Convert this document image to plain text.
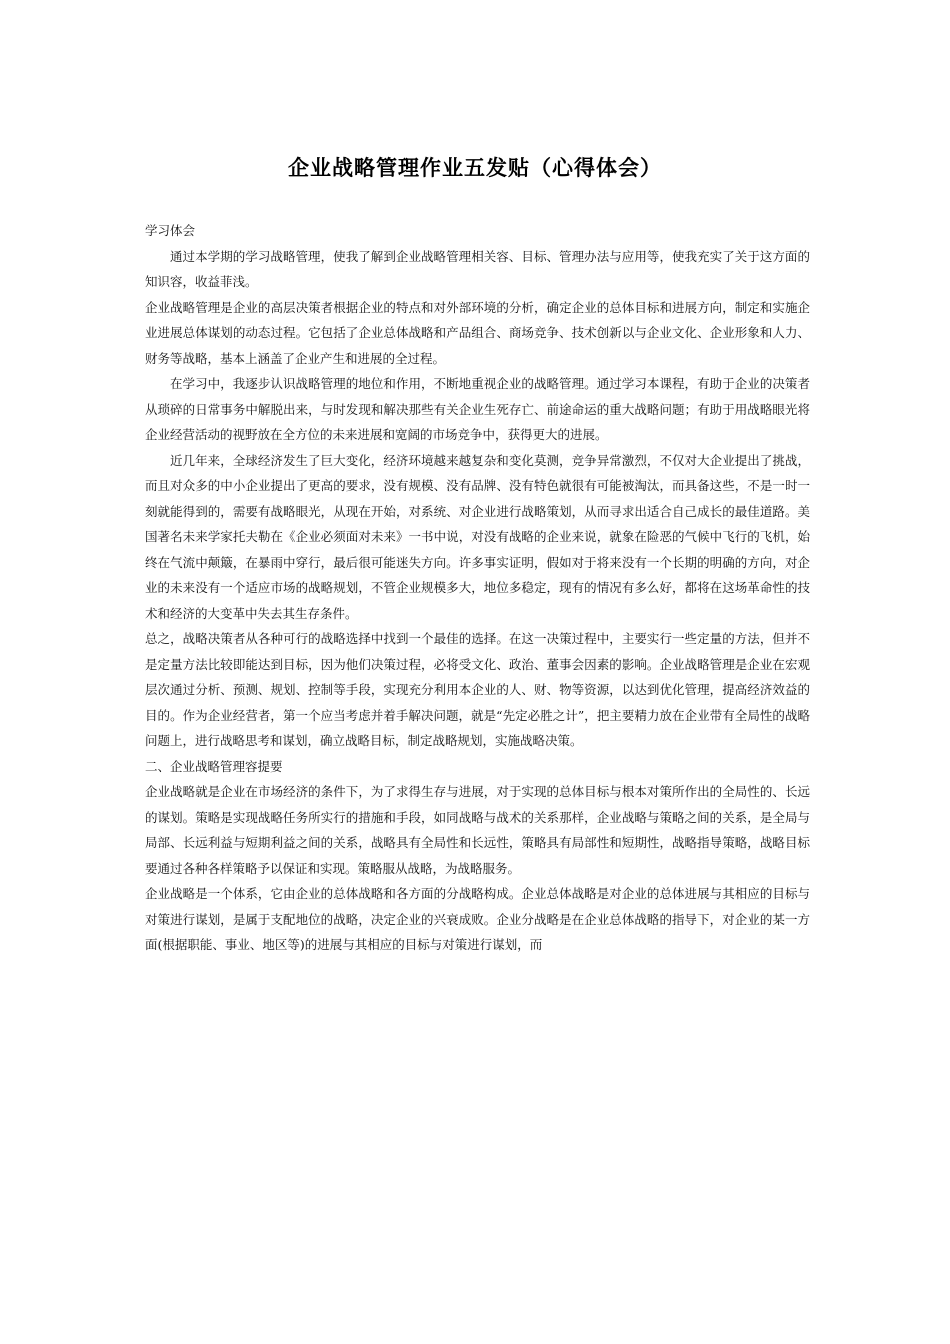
企业战略管理作业五发贴（心得体会）

学习体会

通过本学期的学习战略管理，使我了解到企业战略管理相关容、目标、管理办法与应用等，使我充实了关于这方面的知识容，收益菲浅。

企业战略管理是企业的高层决策者根据企业的特点和对外部环境的分析，确定企业的总体目标和进展方向，制定和实施企业进展总体谋划的动态过程。它包括了企业总体战略和产品组合、商场竞争、技术创新以与企业文化、企业形象和人力、财务等战略，基本上涵盖了企业产生和进展的全过程。

在学习中，我逐步认识战略管理的地位和作用，不断地重视企业的战略管理。通过学习本课程，有助于企业的决策者从琐碎的日常事务中解脱出来，与时发现和解决那些有关企业生死存亡、前途命运的重大战略问题；有助于用战略眼光将企业经营活动的视野放在全方位的未来进展和宽阔的市场竞争中，获得更大的进展。

近几年来，全球经济发生了巨大变化，经济环境越来越复杂和变化莫测，竞争异常激烈，不仅对大企业提出了挑战，而且对众多的中小企业提出了更高的要求，没有规模、没有品牌、没有特色就很有可能被淘汰，而具备这些，不是一时一刻就能得到的，需要有战略眼光，从现在开始，对系统、对企业进行战略策划，从而寻求出适合自己成长的最佳道路。美国著名未来学家托夫勒在《企业必须面对未来》一书中说，对没有战略的企业来说，就象在险恶的气候中飞行的飞机，始终在气流中颠簸，在暴雨中穿行，最后很可能迷失方向。许多事实证明，假如对于将来没有一个长期的明确的方向，对企业的未来没有一个适应市场的战略规划，不管企业规模多大，地位多稳定，现有的情况有多么好，都将在这场革命性的技术和经济的大变革中失去其生存条件。

总之，战略决策者从各种可行的战略选择中找到一个最佳的选择。在这一决策过程中，主要实行一些定量的方法，但并不是定量方法比较即能达到目标，因为他们决策过程，必将受文化、政治、董事会因素的影响。企业战略管理是企业在宏观层次通过分析、预测、规划、控制等手段，实现充分利用本企业的人、财、物等资源，以达到优化管理，提高经济效益的目的。作为企业经营者，第一个应当考虑并着手解决问题，就是“先定必胜之计”，把主要精力放在企业带有全局性的战略问题上，进行战略思考和谋划，确立战略目标，制定战略规划，实施战略决策。

二、企业战略管理容提要

企业战略就是企业在市场经济的条件下，为了求得生存与进展，对于实现的总体目标与根本对策所作出的全局性的、长远的谋划。策略是实现战略任务所实行的措施和手段，如同战略与战术的关系那样，企业战略与策略之间的关系，是全局与局部、长远利益与短期利益之间的关系，战略具有全局性和长远性，策略具有局部性和短期性，战略指导策略，战略目标要通过各种各样策略予以保证和实现。策略服从战略，为战略服务。

企业战略是一个体系，它由企业的总体战略和各方面的分战略构成。企业总体战略是对企业的总体进展与其相应的目标与对策进行谋划，是属于支配地位的战略，决定企业的兴衰成败。企业分战略是在企业总体战略的指导下，对企业的某一方面(根据职能、事业、地区等)的进展与其相应的目标与对策进行谋划，而
